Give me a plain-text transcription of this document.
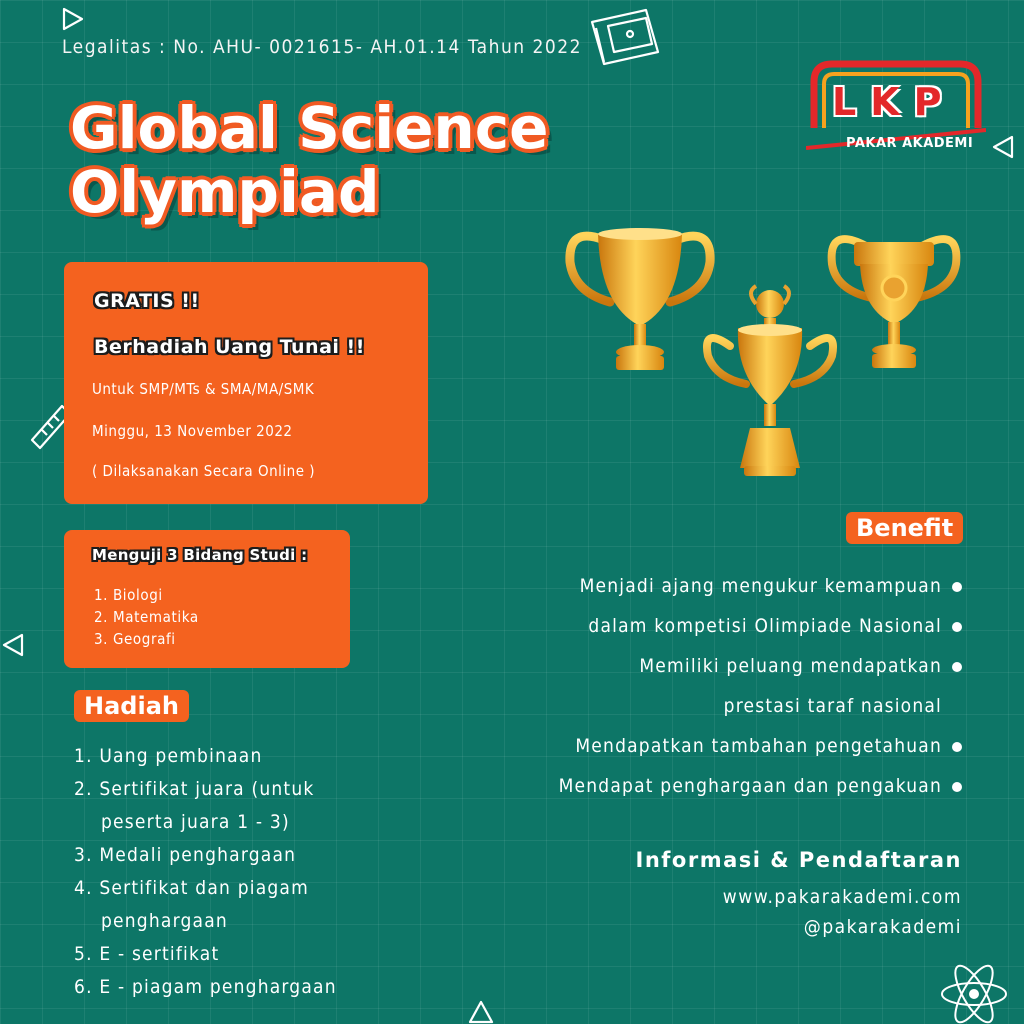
Legalitas : No. AHU- 0021615- AH.01.14 Tahun 2022
LKP
PAKAR AKADEMI
Global Science
Olympiad
GRATIS !!
Berhadiah Uang Tunai !!
Untuk SMP/MTs & SMA/MA/SMK
Minggu, 13 November 2022
( Dilaksanakan Secara Online )
Menguji 3 Bidang Studi :
1. Biologi
2. Matematika
3. Geografi
Hadiah
1. Uang pembinaan
2. Sertifikat juara (untuk
peserta juara 1 - 3)
3. Medali penghargaan
4. Sertifikat dan piagam
penghargaan
5. E - sertifikat
6. E - piagam penghargaan
Benefit
Menjadi ajang mengukur kemampuan
dalam kompetisi Olimpiade Nasional
Memiliki peluang mendapatkan
prestasi taraf nasional
Mendapatkan tambahan pengetahuan
Mendapat penghargaan dan pengakuan
Informasi & Pendaftaran
www.pakarakademi.com
@pakarakademi
